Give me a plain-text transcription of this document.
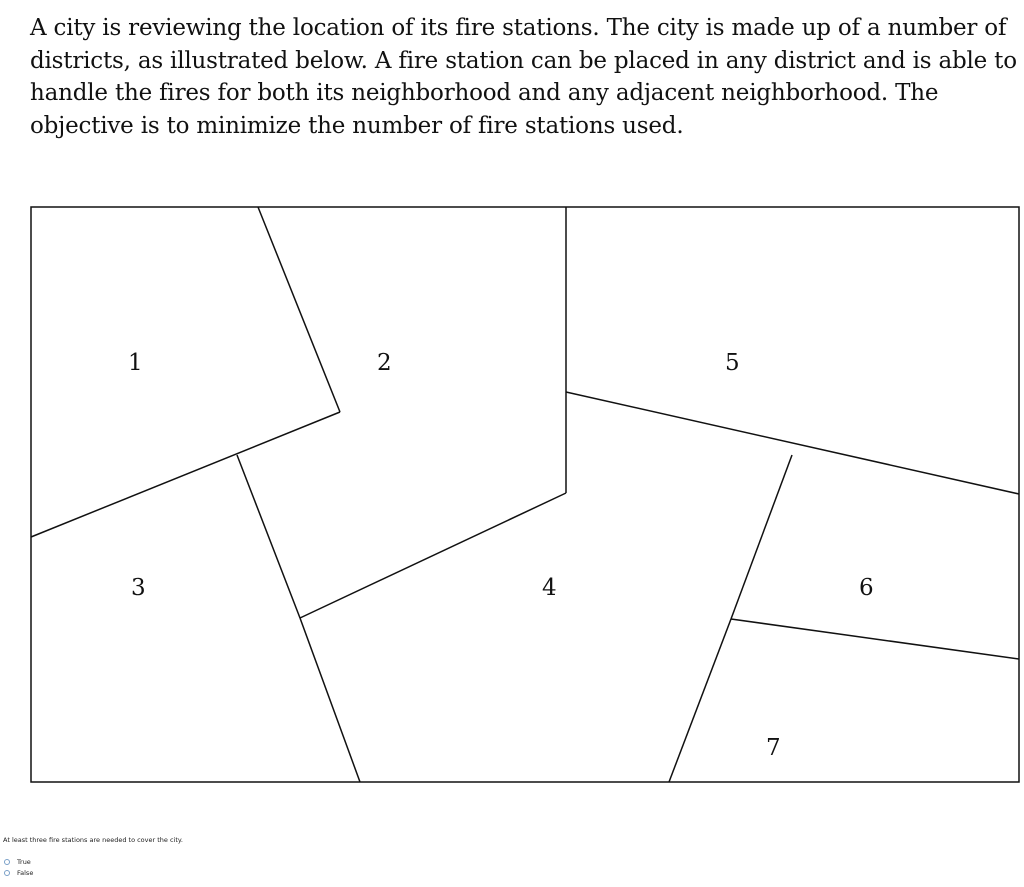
A city is reviewing the location of its fire stations. The city is made up of a number of districts, as illustrated below. A fire station can be placed in any district and is able to handle the fires for both its neighborhood and any adjacent neighborhood. The objective is to minimize the number of fire stations used.

1	2	5
3	4	6
7
At least three fire stations are needed to cover the city.
True
False
